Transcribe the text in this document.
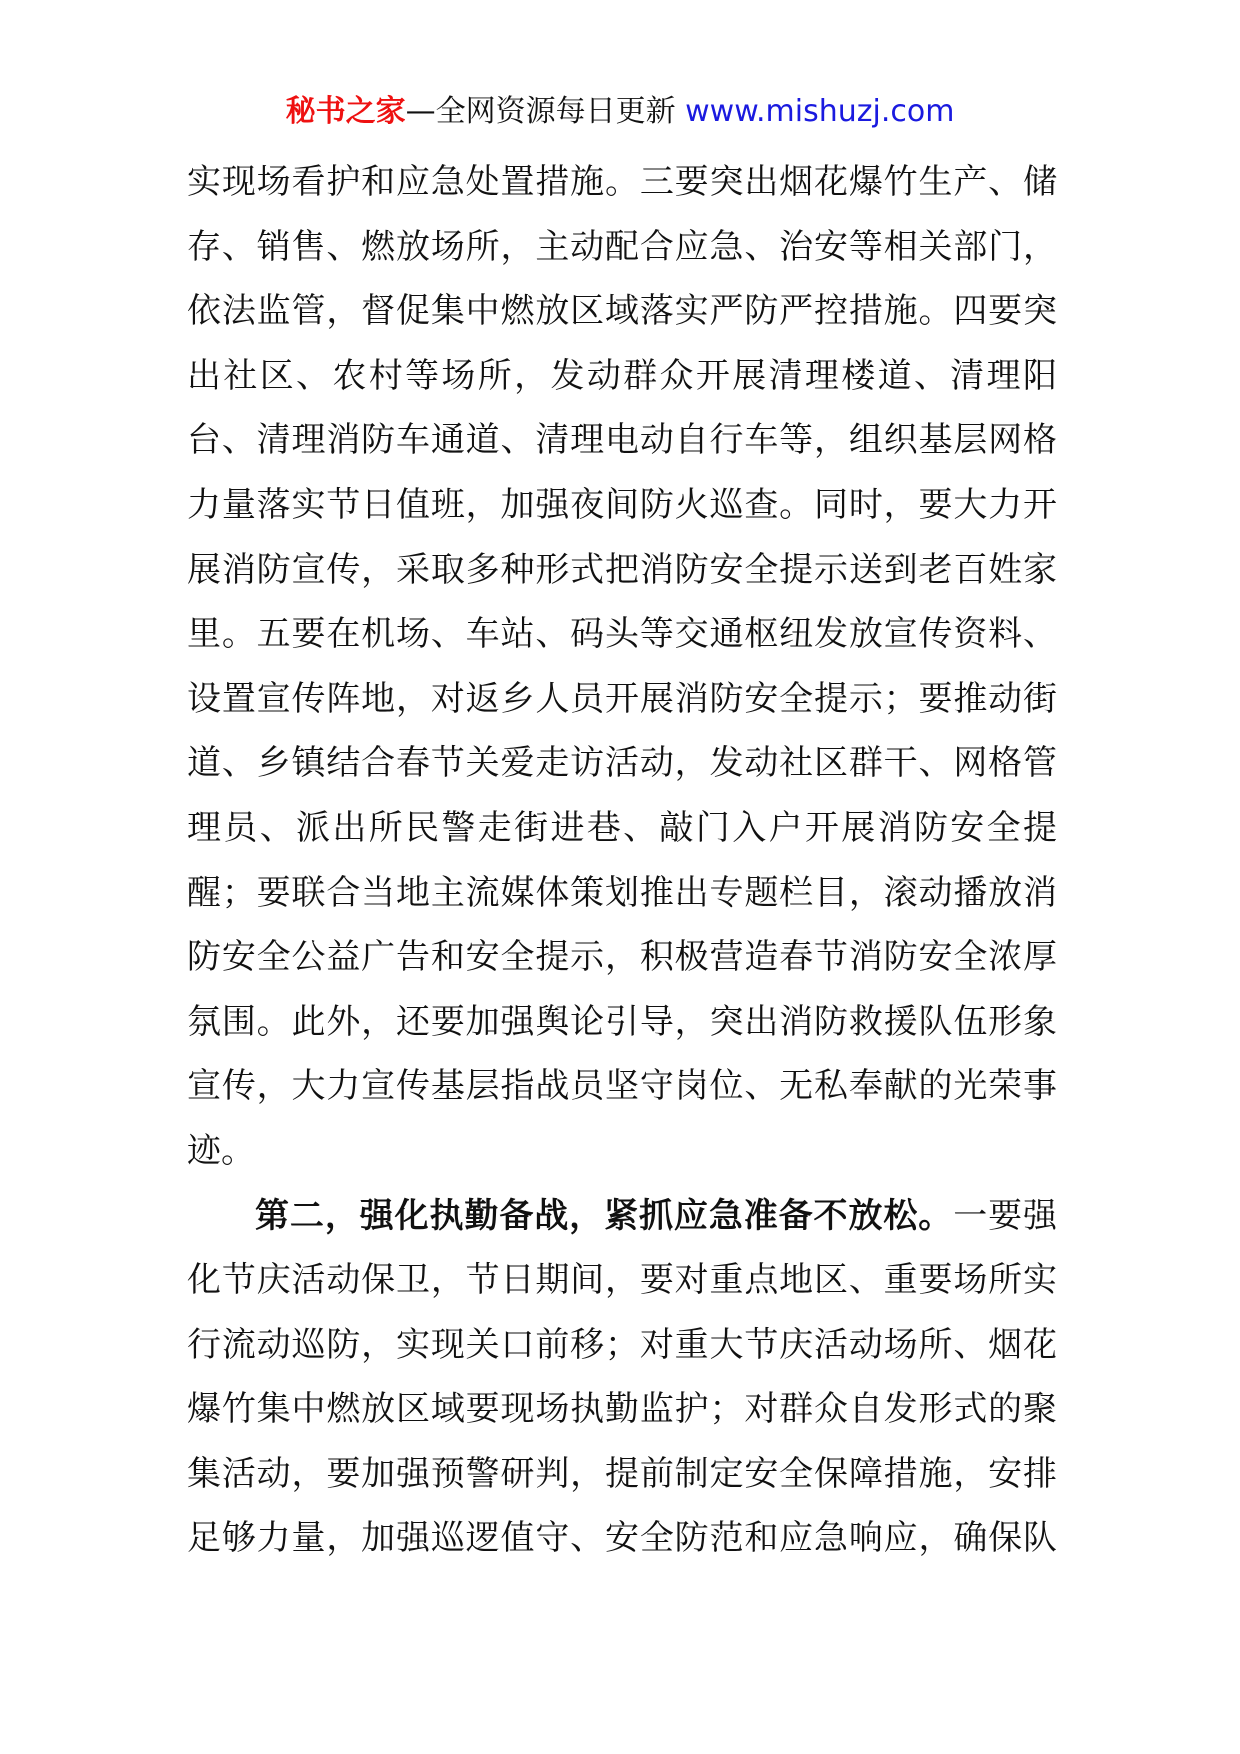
秘书之家—全网资源每日更新 www.mishuzj.com
实现场看护和应急处置措施。三要突出烟花爆竹生产、储
存、销售、燃放场所，主动配合应急、治安等相关部门，
依法监管，督促集中燃放区域落实严防严控措施。四要突
出社区、农村等场所，发动群众开展清理楼道、清理阳
台、清理消防车通道、清理电动自行车等，组织基层网格
力量落实节日值班，加强夜间防火巡查。同时，要大力开
展消防宣传，采取多种形式把消防安全提示送到老百姓家
里。五要在机场、车站、码头等交通枢纽发放宣传资料、
设置宣传阵地，对返乡人员开展消防安全提示；要推动街
道、乡镇结合春节关爱走访活动，发动社区群干、网格管
理员、派出所民警走街进巷、敲门入户开展消防安全提
醒；要联合当地主流媒体策划推出专题栏目，滚动播放消
防安全公益广告和安全提示，积极营造春节消防安全浓厚
氛围。此外，还要加强舆论引导，突出消防救援队伍形象
宣传，大力宣传基层指战员坚守岗位、无私奉献的光荣事
迹。
第二，强化执勤备战，紧抓应急准备不放松。一要强
化节庆活动保卫，节日期间，要对重点地区、重要场所实
行流动巡防，实现关口前移；对重大节庆活动场所、烟花
爆竹集中燃放区域要现场执勤监护；对群众自发形式的聚
集活动，要加强预警研判，提前制定安全保障措施，安排
足够力量，加强巡逻值守、安全防范和应急响应，确保队
